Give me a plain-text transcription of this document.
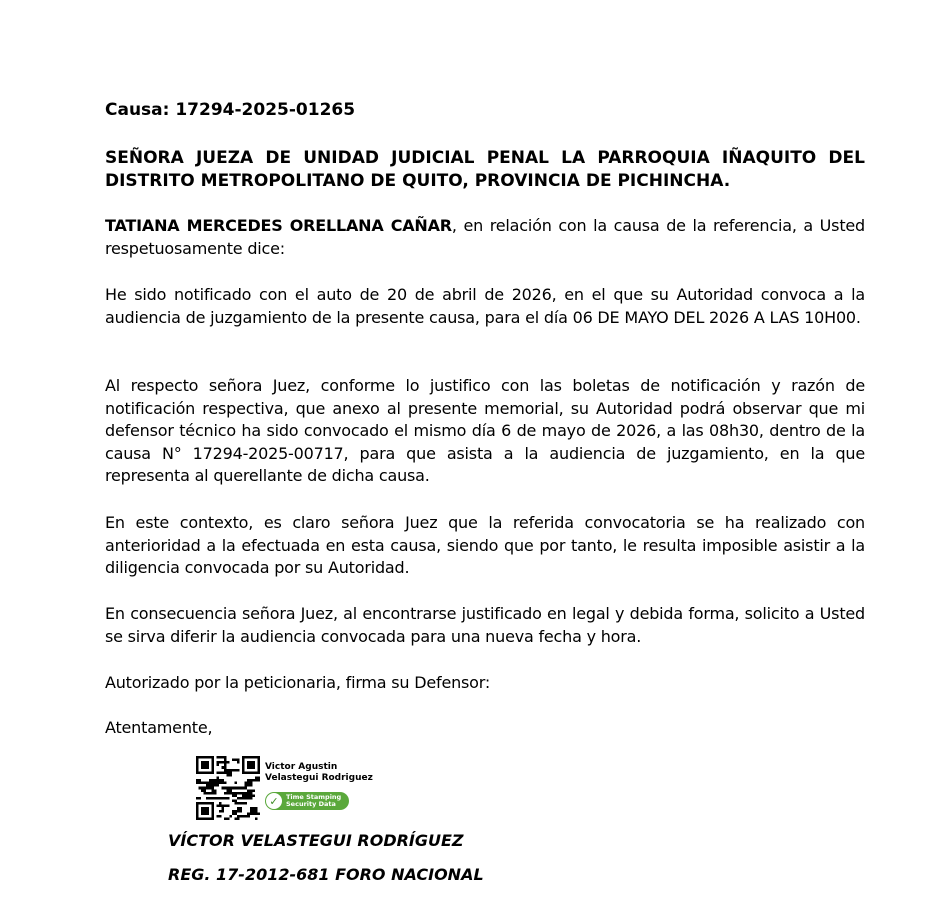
Causa: 17294-2025-01265
SEÑORA JUEZA DE UNIDAD JUDICIAL PENAL LA PARROQUIA IÑAQUITO DEL DISTRITO METROPOLITANO DE QUITO, PROVINCIA DE PICHINCHA.
TATIANA MERCEDES ORELLANA CAÑAR, en relación con la causa de la referencia, a Usted respetuosamente dice:
He sido notificado con el auto de 20 de abril de 2026, en el que su Autoridad convoca a la audiencia de juzgamiento de la presente causa, para el día 06 DE MAYO DEL 2026 A LAS 10H00.
Al respecto señora Juez, conforme lo justifico con las boletas de notificación y razón de notificación respectiva, que anexo al presente memorial, su Autoridad podrá observar que mi defensor técnico ha sido convocado el mismo día 6 de mayo de 2026, a las 08h30, dentro de la causa N° 17294-2025-00717, para que asista a la audiencia de juzgamiento, en la que representa al querellante de dicha causa.
En este contexto, es claro señora Juez que la referida convocatoria se ha realizado con anterioridad a la efectuada en esta causa, siendo que por tanto, le resulta imposible asistir a la diligencia convocada por su Autoridad.
En consecuencia señora Juez, al encontrarse justificado en legal y debida forma, solicito a Usted se sirva diferir la audiencia convocada para una nueva fecha y hora.
Autorizado por la peticionaria, firma su Defensor:
Atentamente,
Victor Agustin
Velastegui Rodriguez
✓	Time Stamping
Security Data
VÍCTOR VELASTEGUI RODRÍGUEZ
REG. 17-2012-681 FORO NACIONAL
